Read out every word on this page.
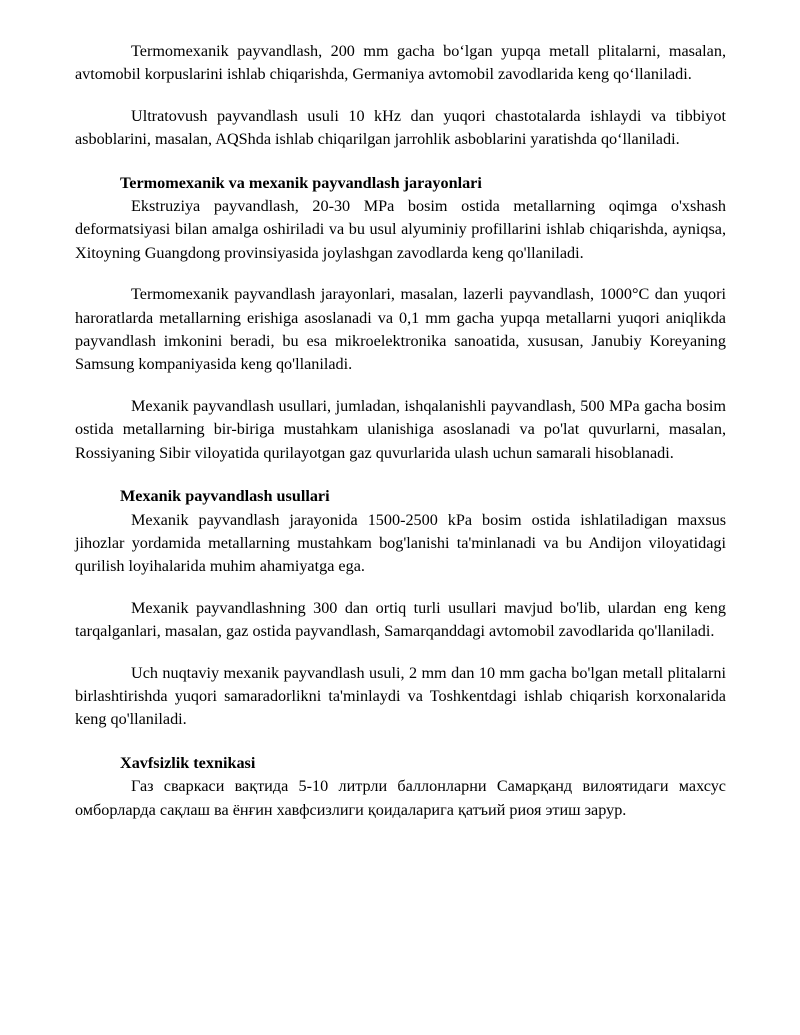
Termomexanik payvandlash, 200 mm gacha bo‘lgan yupqa metall plitalarni, masalan, avtomobil korpuslarini ishlab chiqarishda, Germaniya avtomobil zavodlarida keng qo‘llaniladi.

Ultratovush payvandlash usuli 10 kHz dan yuqori chastotalarda ishlaydi va tibbiyot asboblarini, masalan, AQShda ishlab chiqarilgan jarrohlik asboblarini yaratishda qo‘llaniladi.

Termomexanik va mexanik payvandlash jarayonlari

Ekstruziya payvandlash, 20-30 MPa bosim ostida metallarning oqimga o'xshash deformatsiyasi bilan amalga oshiriladi va bu usul alyuminiy profillarini ishlab chiqarishda, ayniqsa, Xitoyning Guangdong provinsiyasida joylashgan zavodlarda keng qo'llaniladi.

Termomexanik payvandlash jarayonlari, masalan, lazerli payvandlash, 1000°C dan yuqori haroratlarda metallarning erishiga asoslanadi va 0,1 mm gacha yupqa metallarni yuqori aniqlikda payvandlash imkonini beradi, bu esa mikroelektronika sanoatida, xususan, Janubiy Koreyaning Samsung kompaniyasida keng qo'llaniladi.

Mexanik payvandlash usullari, jumladan, ishqalanishli payvandlash, 500 MPa gacha bosim ostida metallarning bir-biriga mustahkam ulanishiga asoslanadi va po'lat quvurlarni, masalan, Rossiyaning Sibir viloyatida qurilayotgan gaz quvurlarida ulash uchun samarali hisoblanadi.

Mexanik payvandlash usullari

Mexanik payvandlash jarayonida 1500-2500 kPa bosim ostida ishlatiladigan maxsus jihozlar yordamida metallarning mustahkam bog'lanishi ta'minlanadi va bu Andijon viloyatidagi qurilish loyihalarida muhim ahamiyatga ega.

Mexanik payvandlashning 300 dan ortiq turli usullari mavjud bo'lib, ulardan eng keng tarqalganlari, masalan, gaz ostida payvandlash, Samarqanddagi avtomobil zavodlarida qo'llaniladi.

Uch nuqtaviy mexanik payvandlash usuli, 2 mm dan 10 mm gacha bo'lgan metall plitalarni birlashtirishda yuqori samaradorlikni ta'minlaydi va Toshkentdagi ishlab chiqarish korxonalarida keng qo'llaniladi.

Xavfsizlik texnikasi

Газ сваркаси вақтида 5-10 литрли баллонларни Самарқанд вилоятидаги махсус омборларда сақлаш ва ёнғин хавфсизлиги қоидаларига қатъий риоя этиш зарур.
